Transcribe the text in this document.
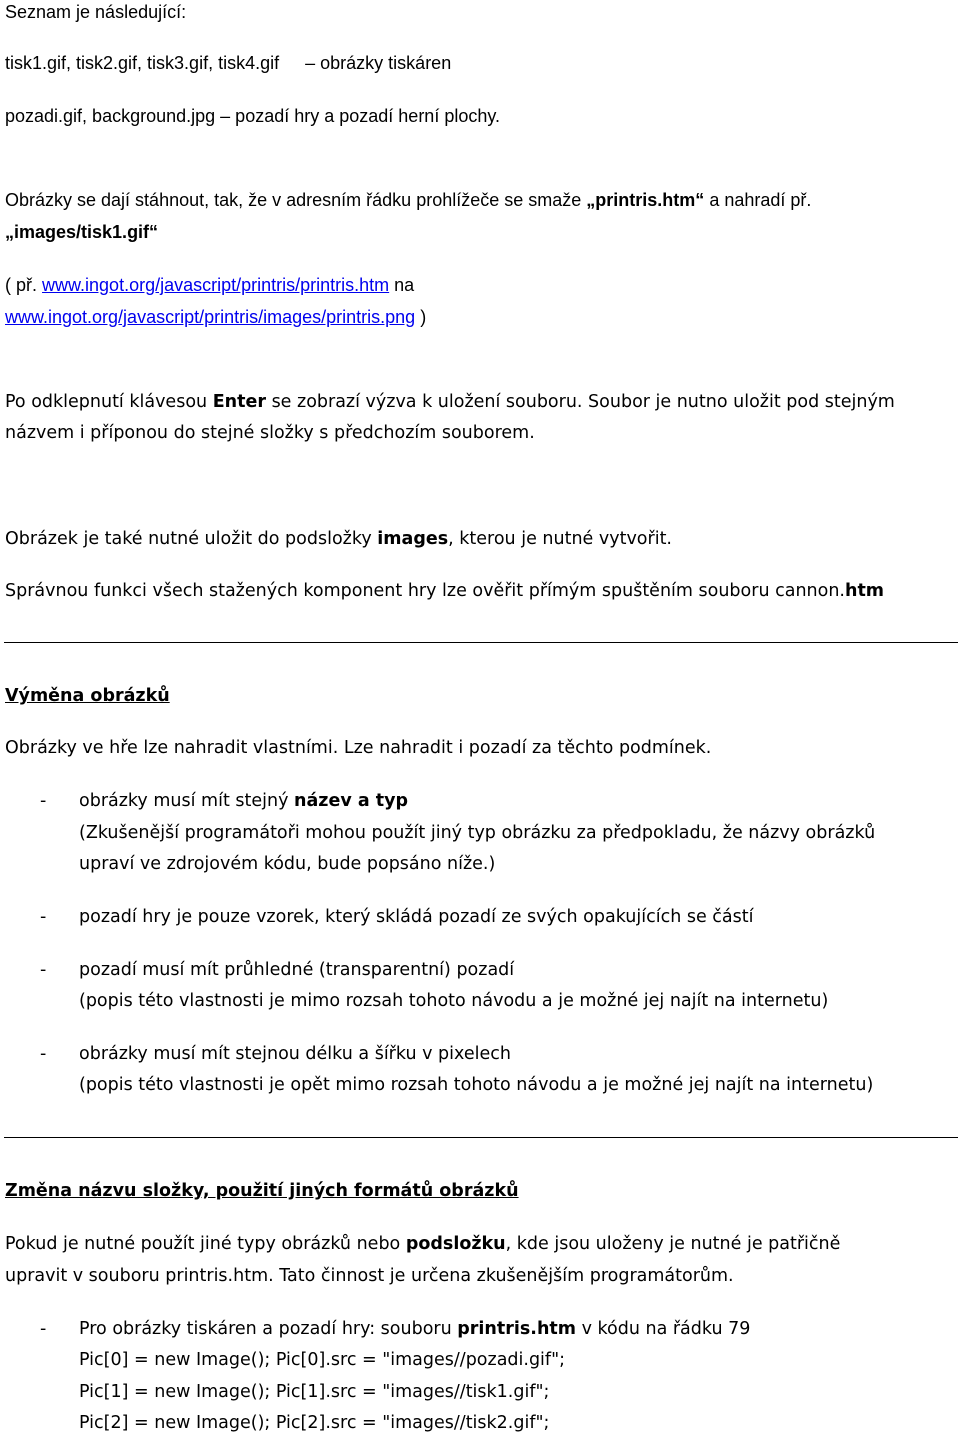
Seznam je následující:
tisk1.gif, tisk2.gif, tisk3.gif, tisk4.gif – obrázky tiskáren
pozadi.gif, background.jpg – pozadí hry a pozadí herní plochy.
Obrázky se dají stáhnout, tak, že v adresním řádku prohlížeče se smaže „printris.htm“ a nahradí př.
„images/tisk1.gif“
( př. www.ingot.org/javascript/printris/printris.htm na
www.ingot.org/javascript/printris/images/printris.png )
Po odklepnutí klávesou Enter se zobrazí výzva k uložení souboru. Soubor je nutno uložit pod stejným
názvem i příponou do stejné složky s předchozím souborem.
Obrázek je také nutné uložit do podsložky images, kterou je nutné vytvořit.
Správnou funkci všech stažených komponent hry lze ověřit přímým spuštěním souboru cannon.htm
Výměna obrázků
Obrázky ve hře lze nahradit vlastními. Lze nahradit i pozadí za těchto podmínek.
- obrázky musí mít stejný název a typ
(Zkušenější programátoři mohou použít jiný typ obrázku za předpokladu, že názvy obrázků
upraví ve zdrojovém kódu, bude popsáno níže.)
- pozadí hry je pouze vzorek, který skládá pozadí ze svých opakujících se částí
- pozadí musí mít průhledné (transparentní) pozadí
(popis této vlastnosti je mimo rozsah tohoto návodu a je možné jej najít na internetu)
- obrázky musí mít stejnou délku a šířku v pixelech
(popis této vlastnosti je opět mimo rozsah tohoto návodu a je možné jej najít na internetu)
Změna názvu složky, použití jiných formátů obrázků
Pokud je nutné použít jiné typy obrázků nebo podsložku, kde jsou uloženy je nutné je patřičně
upravit v souboru printris.htm. Tato činnost je určena zkušenějším programátorům.
- Pro obrázky tiskáren a pozadí hry: souboru printris.htm v kódu na řádku 79
Pic[0] = new Image(); Pic[0].src = "images//pozadi.gif";
Pic[1] = new Image(); Pic[1].src = "images//tisk1.gif";
Pic[2] = new Image(); Pic[2].src = "images//tisk2.gif";
